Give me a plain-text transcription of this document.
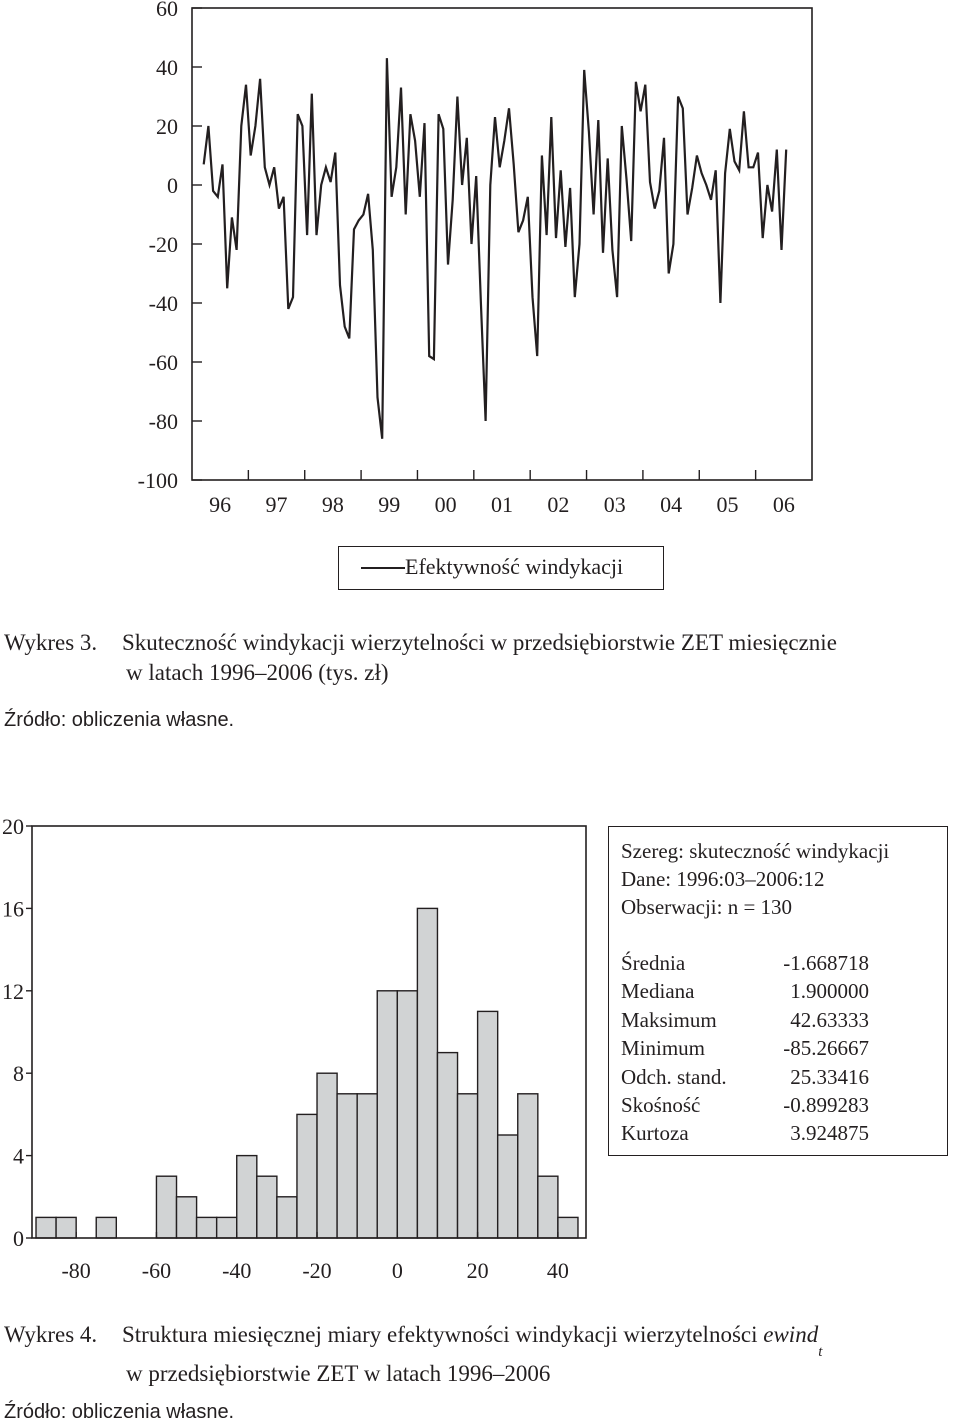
60
40
20
0
-20
-40
-60
-80
-100
96 97 98 99 00 01 02 03 04 05 06
Efektywność windykacji
Wykres 3. Skuteczność windykacji wierzytelności w przedsiębiorstwie ZET miesięcznie
w latach 1996–2006 (tys. zł)
Źródło: obliczenia własne.
20
16
12
8
4
0
-80 -60 -40 -20	0	20	40
Szereg: skuteczność windykacji
Dane: 1996:03–2006:12
Obserwacji: n = 130
Średnia	-1.668718
Mediana	1.900000
Maksimum	42.63333
Minimum	-85.26667
Odch. stand.	25.33416
Skośność	-0.899283
Kurtoza	3.924875
Wykres 4. Struktura miesięcznej miary efektywności windykacji wierzytelności ewind$_t$
w przedsiębiorstwie ZET w latach 1996–2006
Źródło: obliczenia własne.
